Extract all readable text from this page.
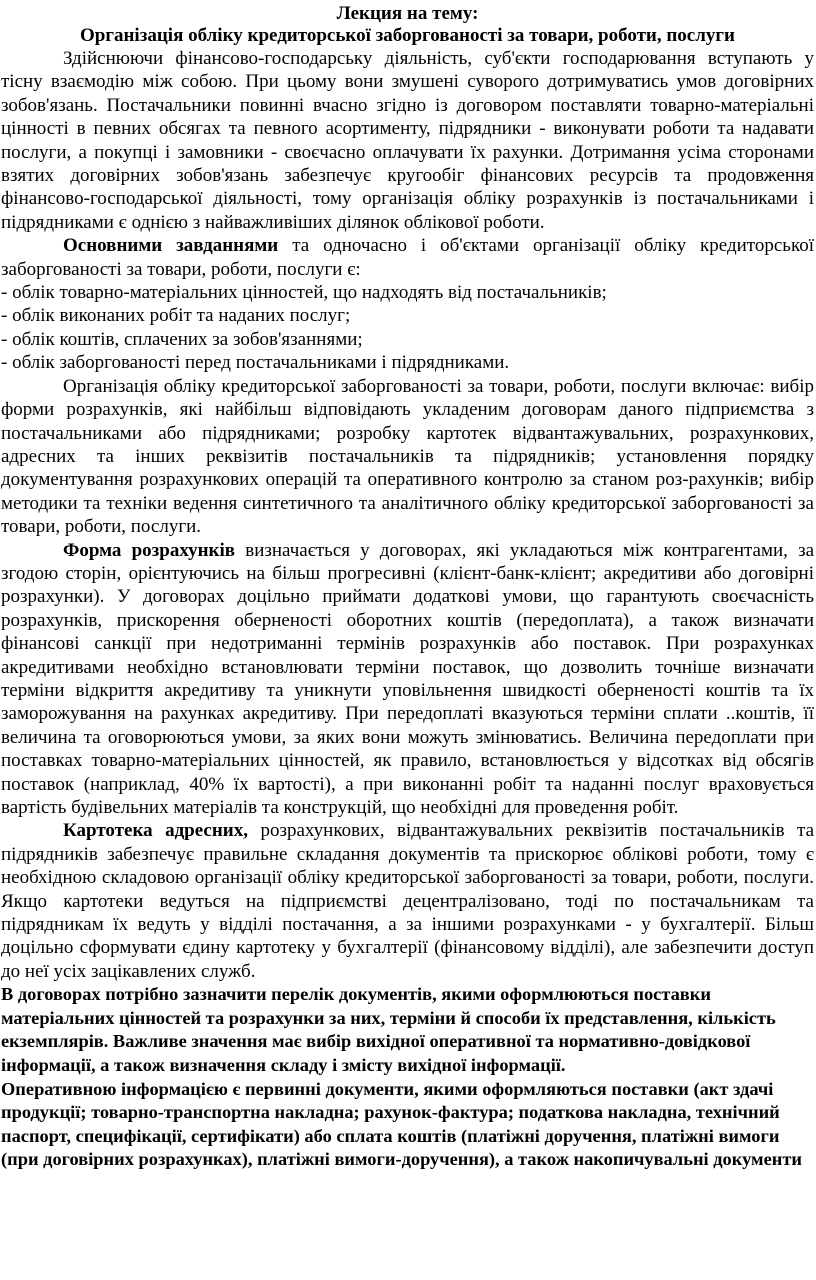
Лекция на тему:
Організація обліку кредиторської заборгованості за товари, роботи, послуги

Здійснюючи фінансово-господарську діяльність, суб'єкти господарювання вступають у тісну взаємодію між собою. При цьому вони змушені суворого дотримуватись умов договірних зобов'язань. Постачальники повинні вчасно згідно із договором поставляти товарно-матеріальні цінності в певних обсягах та певного асортименту, підрядники - виконувати роботи та надавати послуги, а покупці і замовники - своєчасно оплачувати їх рахунки. Дотримання усіма сторонами взятих договірних зобов'язань забезпечує кругообіг фінансових ресурсів та продовження фінансово-господарської діяльності, тому організація обліку розрахунків із постачальниками і підрядниками є однією з найважливіших ділянок облікової роботи.

Основними завданнями та одночасно і об'єктами організації обліку кредиторської заборгованості за товари, роботи, послуги є:

- облік товарно-матеріальних цінностей, що надходять від постачальників;

- облік виконаних робіт та наданих послуг;

- облік коштів, сплачених за зобов'язаннями;

- облік заборгованості перед постачальниками і підрядниками.

Організація обліку кредиторської заборгованості за товари, роботи, послуги включає: вибір форми розрахунків, які найбільш відповідають укладеним договорам даного підприємства з постачальниками або підрядниками; розробку картотек відвантажувальних, розрахункових, адресних та інших реквізитів постачальників та підрядників; установлення порядку документування розрахункових операцій та оперативного контролю за станом роз-рахунків; вибір методики та техніки ведення синтетичного та аналітичного обліку кредиторської заборгованості за товари, роботи, послуги.

Форма розрахунків визначається у договорах, які укладаються між контрагентами, за згодою сторін, орієнтуючись на більш прогресивні (клієнт-банк-клієнт; акредитиви або договірні розрахунки). У договорах доцільно приймати додаткові умови, що гарантують своєчасність розрахунків, прискорення оберненості оборотних коштів (передоплата), а також визначати фінансові санкції при недотриманні термінів розрахунків або поставок. При розрахунках акредитивами необхідно встановлювати терміни поставок, що дозволить точніше визначати терміни відкриття акредитиву та уникнути уповільнення швидкості оберненості коштів та їх заморожування на рахунках акредитиву. При передоплаті вказуються терміни сплати ..коштів, її величина та оговорюються умови, за яких вони можуть змінюватись. Величина передоплати при поставках товарно-матеріальних цінностей, як правило, встановлюється у відсотках від обсягів поставок (наприклад, 40% їх вартості), а при виконанні робіт та наданні послуг враховується вартість будівельних матеріалів та конструкцій, що необхідні для проведення робіт.

Картотека адресних, розрахункових, відвантажувальних реквізитів постачальників та підрядників забезпечує правильне складання документів та прискорює облікові роботи, тому є необхідною складовою організації обліку кредиторської заборгованості за товари, роботи, послуги. Якщо картотеки ведуться на підприємстві децентралізовано, тоді по постачальникам та підрядникам їх ведуть у відділі постачання, а за іншими розрахунками - у бухгалтерії. Більш доцільно сформувати єдину картотеку у бухгалтерії (фінансовому відділі), але забезпечити доступ до неї усіх зацікавлених служб.

В договорах потрібно зазначити перелік документів, якими оформлюються поставки матеріальних цінностей та розрахунки за них, терміни й способи їх представлення, кількість екземплярів. Важливе значення має вибір вихідної оперативної та нормативно-довідкової інформації, а також визначення складу і змісту вихідної інформації.

Оперативною інформацією є первинні документи, якими оформляються поставки (акт здачі продукції; товарно-транспортна накладна; рахунок-фактура; податкова накладна, технічний паспорт, специфікації, сертифікати) або сплата коштів (платіжні доручення, платіжні вимоги (при договірних розрахунках), платіжні вимоги-доручення), а також накопичувальні документи
